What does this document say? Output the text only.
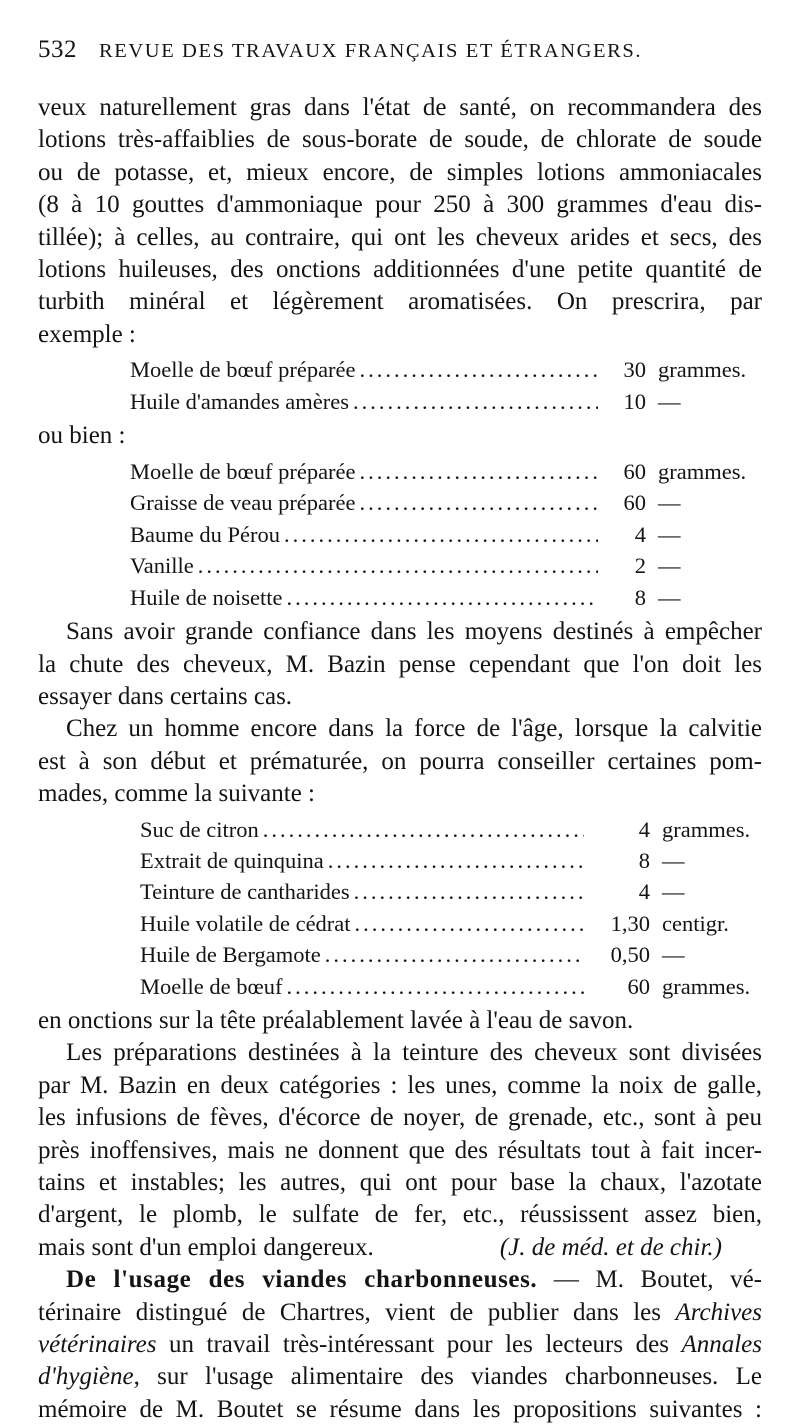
532 REVUE DES TRAVAUX FRANÇAIS ET ÉTRANGERS.
veux naturellement gras dans l'état de santé, on recommandera des
lotions très-affaiblies de sous-borate de soude, de chlorate de soude
ou de potasse, et, mieux encore, de simples lotions ammoniacales
(8 à 10 gouttes d'ammoniaque pour 250 à 300 grammes d'eau dis-
tillée); à celles, au contraire, qui ont les cheveux arides et secs, des
lotions huileuses, des onctions additionnées d'une petite quantité de
turbith minéral et légèrement aromatisées. On prescrira, par
exemple :
Moelle de bœuf préparée .....	30 grammes.
Huile d'amandes amères .....	10 —
ou bien :
Moelle de bœuf préparée .....	60 grammes.
Graisse de veau préparée .....	60 —
Baume du Pérou .....	4 —
Vanille .....	2 —
Huile de noisette .....	8 —
Sans avoir grande confiance dans les moyens destinés à empêcher
la chute des cheveux, M. Bazin pense cependant que l'on doit les
essayer dans certains cas.
Chez un homme encore dans la force de l'âge, lorsque la calvitie
est à son début et prématurée, on pourra conseiller certaines pom-
mades, comme la suivante :
Suc de citron .....	4 grammes.
Extrait de quinquina .....	8 —
Teinture de cantharides .....	4 —
Huile volatile de cédrat .....	1,30 centigr.
Huile de Bergamote .....	0,50 —
Moelle de bœuf .....	60 grammes.
en onctions sur la tête préalablement lavée à l'eau de savon.
Les préparations destinées à la teinture des cheveux sont divisées
par M. Bazin en deux catégories : les unes, comme la noix de galle,
les infusions de fèves, d'écorce de noyer, de grenade, etc., sont à peu
près inoffensives, mais ne donnent que des résultats tout à fait incer-
tains et instables; les autres, qui ont pour base la chaux, l'azotate
d'argent, le plomb, le sulfate de fer, etc., réussissent assez bien,
mais sont d'un emploi dangereux.	(J. de méd. et de chir.)
De l'usage des viandes charbonneuses. — M. Boutet, vé-
térinaire distingué de Chartres, vient de publier dans les Archives
vétérinaires un travail très-intéressant pour les lecteurs des Annales
d'hygiène, sur l'usage alimentaire des viandes charbonneuses. Le
mémoire de M. Boutet se résume dans les propositions suivantes :
